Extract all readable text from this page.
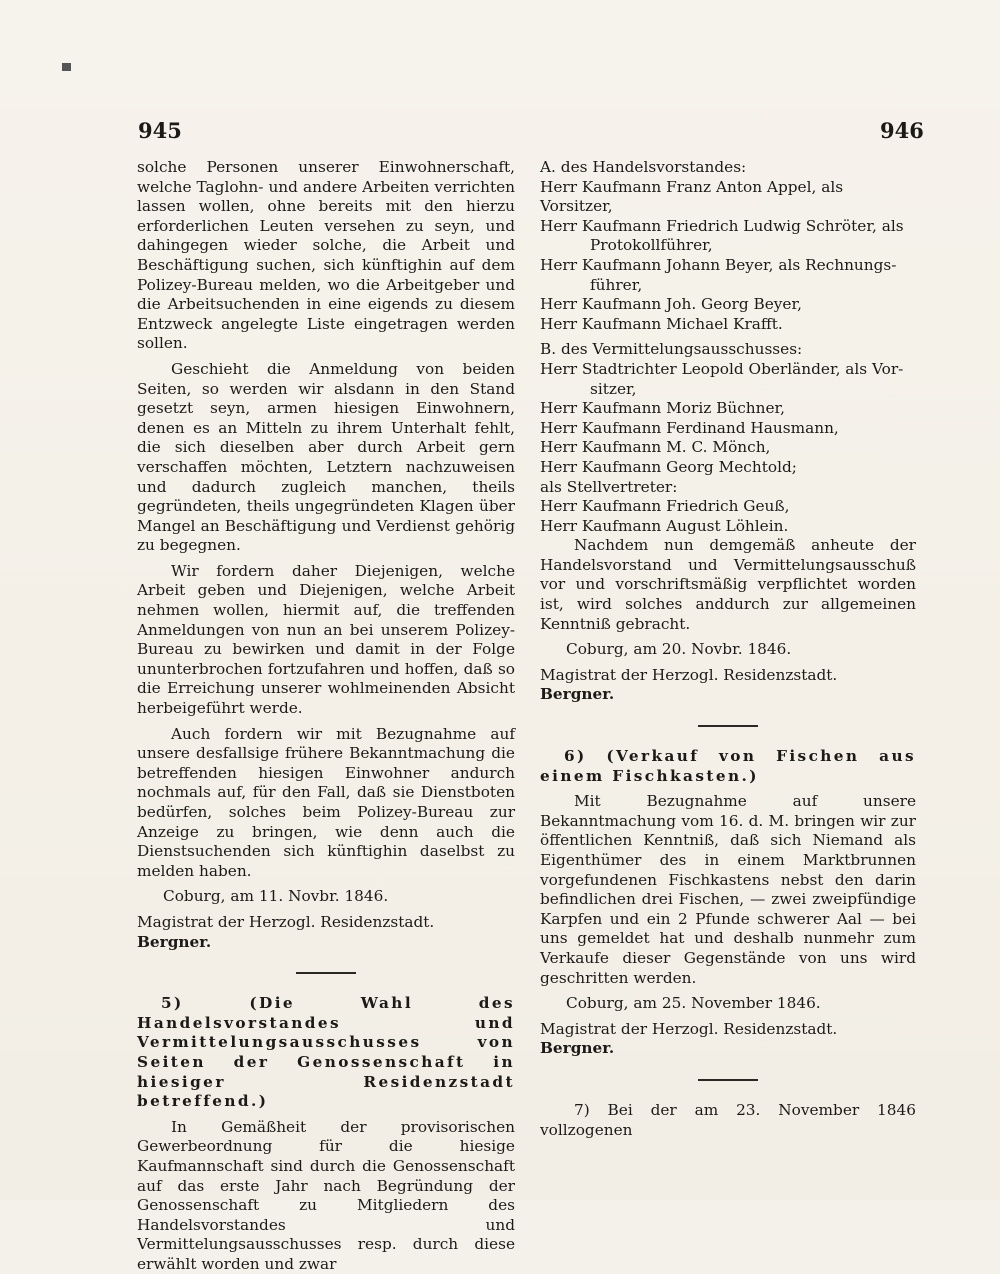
945	946

solche Personen unserer Einwohnerschaft, welche Taglohn- und andere Arbeiten verrichten lassen wollen, ohne bereits mit den hierzu erforderlichen Leuten versehen zu seyn, und dahingegen wieder solche, die Arbeit und Beschäftigung suchen, sich künftighin auf dem Polizey-Bureau melden, wo die Arbeitgeber und die Arbeitsuchenden in eine eigends zu diesem Entzweck angelegte Liste eingetragen werden sollen.

Geschieht die Anmeldung von beiden Seiten, so werden wir alsdann in den Stand gesetzt seyn, armen hiesigen Einwohnern, denen es an Mitteln zu ihrem Unterhalt fehlt, die sich dieselben aber durch Arbeit gern verschaffen möchten, Letztern nachzuweisen und dadurch zugleich manchen, theils gegründeten, theils ungegründeten Klagen über Mangel an Beschäftigung und Verdienst gehörig zu begegnen.

Wir fordern daher Diejenigen, welche Arbeit geben und Diejenigen, welche Arbeit nehmen wollen, hiermit auf, die treffenden Anmeldungen von nun an bei unserem Polizey-Bureau zu bewirken und damit in der Folge ununterbrochen fortzufahren und hoffen, daß so die Erreichung unserer wohlmeinenden Absicht herbeigeführt werde.

Auch fordern wir mit Bezugnahme auf unsere desfallsige frühere Bekanntmachung die betreffenden hiesigen Einwohner andurch nochmals auf, für den Fall, daß sie Dienstboten bedürfen, solches beim Polizey-Bureau zur Anzeige zu bringen, wie denn auch die Dienstsuchenden sich künftighin daselbst zu melden haben.

Coburg, am 11. Novbr. 1846.

Magistrat der Herzogl. Residenzstadt.

Bergner.

5) (Die Wahl des Handelsvorstandes und Vermittelungsausschusses von Seiten der Genossenschaft in hiesiger Residenzstadt betreffend.)

In Gemäßheit der provisorischen Gewerbeordnung für die hiesige Kaufmannschaft sind durch die Genossenschaft auf das erste Jahr nach Begründung der Genossenschaft zu Mitgliedern des Handelsvorstandes und Vermittelungsausschusses resp. durch diese erwählt worden und zwar

A. des Handelsvorstandes:

Herr Kaufmann Franz Anton Appel, als Vorsitzer,

Herr Kaufmann Friedrich Ludwig Schröter, als

Protokollführer,

Herr Kaufmann Johann Beyer, als Rechnungs-

führer,

Herr Kaufmann Joh. Georg Beyer,

Herr Kaufmann Michael Krafft.

B. des Vermittelungsausschusses:

Herr Stadtrichter Leopold Oberländer, als Vor-

sitzer,

Herr Kaufmann Moriz Büchner,

Herr Kaufmann Ferdinand Hausmann,

Herr Kaufmann M. C. Mönch,

Herr Kaufmann Georg Mechtold;

als Stellvertreter:

Herr Kaufmann Friedrich Geuß,

Herr Kaufmann August Löhlein.

Nachdem nun demgemäß anheute der Handelsvorstand und Vermittelungsausschuß vor und vorschriftsmäßig verpflichtet worden ist, wird solches anddurch zur allgemeinen Kenntniß gebracht.

Coburg, am 20. Novbr. 1846.

Magistrat der Herzogl. Residenzstadt.

Bergner.

6) (Verkauf von Fischen aus einem Fischkasten.)

Mit Bezugnahme auf unsere Bekanntmachung vom 16. d. M. bringen wir zur öffentlichen Kenntniß, daß sich Niemand als Eigenthümer des in einem Marktbrunnen vorgefundenen Fischkastens nebst den darin befindlichen drei Fischen, — zwei zweipfündige Karpfen und ein 2 Pfunde schwerer Aal — bei uns gemeldet hat und deshalb nunmehr zum Verkaufe dieser Gegenstände von uns wird geschritten werden.

Coburg, am 25. November 1846.

Magistrat der Herzogl. Residenzstadt.

Bergner.

7) Bei der am 23. November 1846 vollzogenen
